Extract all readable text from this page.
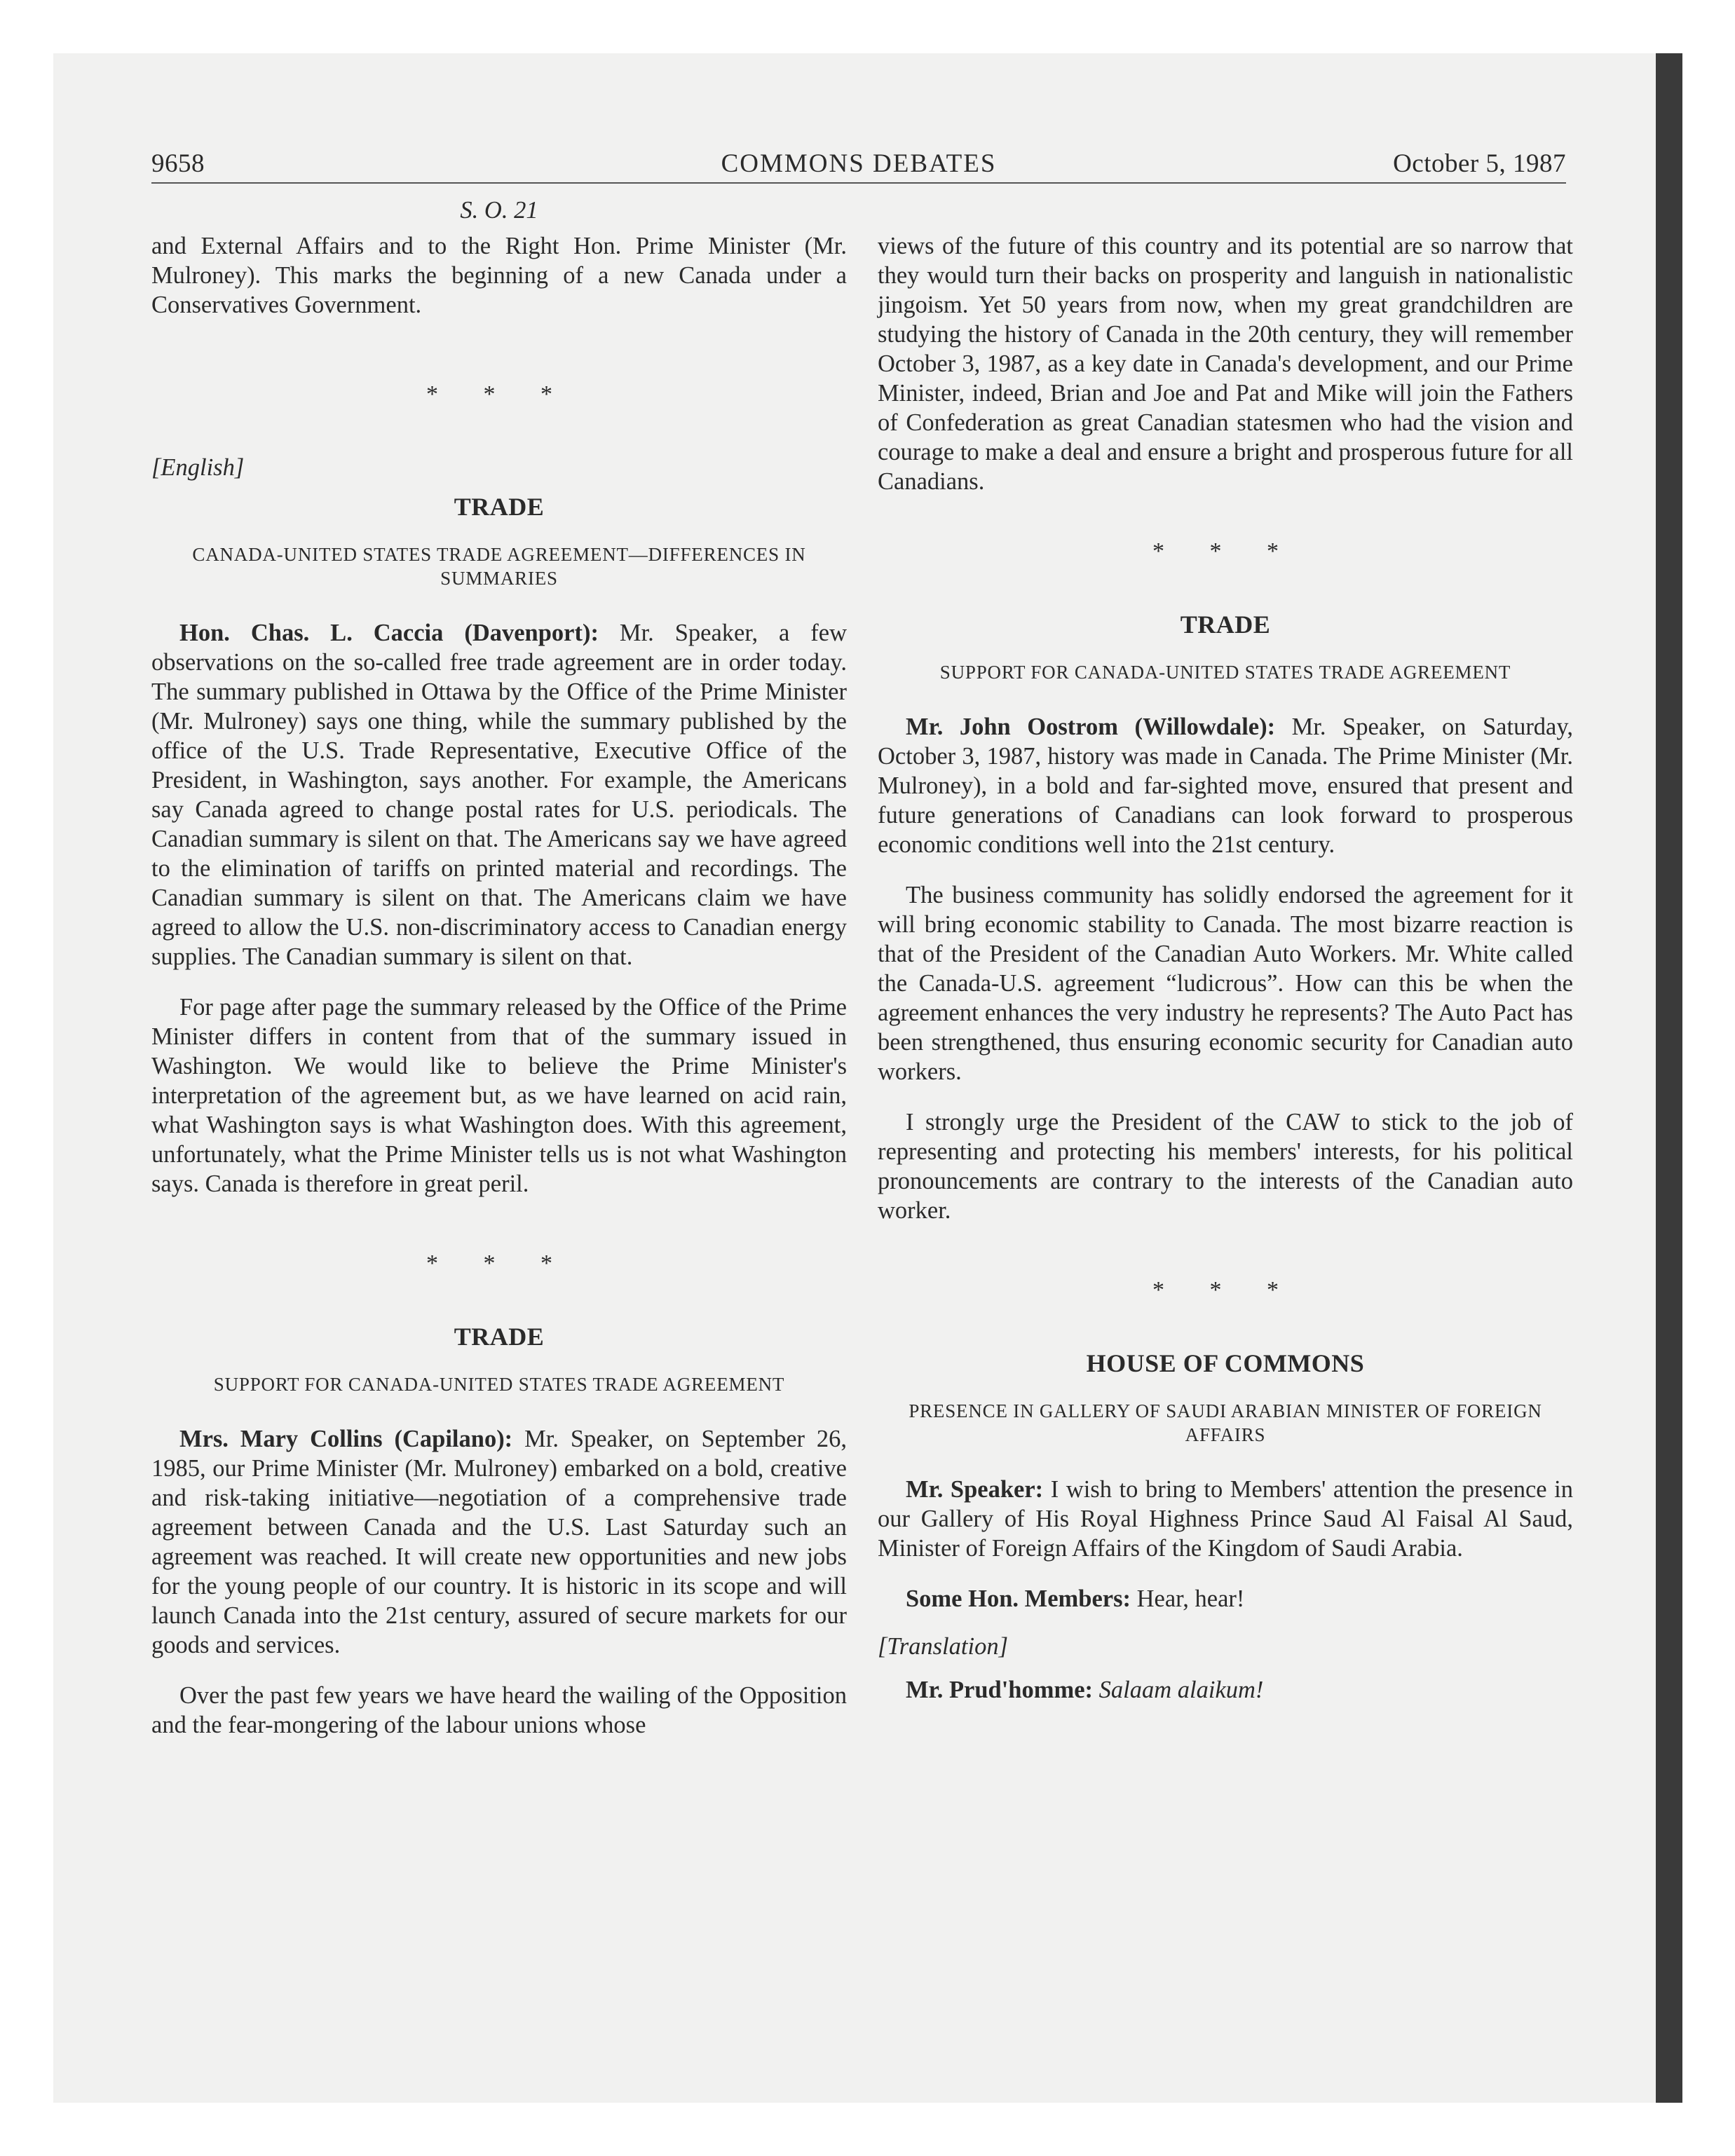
9658	COMMONS DEBATES	October 5, 1987
S. O. 21

and External Affairs and to the Right Hon. Prime Minister (Mr. Mulroney). This marks the beginning of a new Canada under a Conservatives Government.

* * *
[English]
TRADE
CANADA-UNITED STATES TRADE AGREEMENT—DIFFERENCES IN SUMMARIES

Hon. Chas. L. Caccia (Davenport): Mr. Speaker, a few observations on the so-called free trade agreement are in order today. The summary published in Ottawa by the Office of the Prime Minister (Mr. Mulroney) says one thing, while the summary published by the office of the U.S. Trade Representative, Executive Office of the President, in Washington, says another. For example, the Americans say Canada agreed to change postal rates for U.S. periodicals. The Canadian summary is silent on that. The Americans say we have agreed to the elimination of tariffs on printed material and recordings. The Canadian summary is silent on that. The Americans claim we have agreed to allow the U.S. non-discriminatory access to Canadian energy supplies. The Canadian summary is silent on that.

For page after page the summary released by the Office of the Prime Minister differs in content from that of the summary issued in Washington. We would like to believe the Prime Minister's interpretation of the agreement but, as we have learned on acid rain, what Washington says is what Washington does. With this agreement, unfortunately, what the Prime Minister tells us is not what Washington says. Canada is therefore in great peril.

* * *
TRADE
SUPPORT FOR CANADA-UNITED STATES TRADE AGREEMENT

Mrs. Mary Collins (Capilano): Mr. Speaker, on September 26, 1985, our Prime Minister (Mr. Mulroney) embarked on a bold, creative and risk-taking initiative—negotiation of a comprehensive trade agreement between Canada and the U.S. Last Saturday such an agreement was reached. It will create new opportunities and new jobs for the young people of our country. It is historic in its scope and will launch Canada into the 21st century, assured of secure markets for our goods and services.

Over the past few years we have heard the wailing of the Opposition and the fear-mongering of the labour unions whose

views of the future of this country and its potential are so narrow that they would turn their backs on prosperity and languish in nationalistic jingoism. Yet 50 years from now, when my great grandchildren are studying the history of Canada in the 20th century, they will remember October 3, 1987, as a key date in Canada's development, and our Prime Minister, indeed, Brian and Joe and Pat and Mike will join the Fathers of Confederation as great Canadian statesmen who had the vision and courage to make a deal and ensure a bright and prosperous future for all Canadians.

* * *
TRADE
SUPPORT FOR CANADA-UNITED STATES TRADE AGREEMENT

Mr. John Oostrom (Willowdale): Mr. Speaker, on Saturday, October 3, 1987, history was made in Canada. The Prime Minister (Mr. Mulroney), in a bold and far-sighted move, ensured that present and future generations of Canadians can look forward to prosperous economic conditions well into the 21st century.

The business community has solidly endorsed the agreement for it will bring economic stability to Canada. The most bizarre reaction is that of the President of the Canadian Auto Workers. Mr. White called the Canada-U.S. agreement “ludicrous”. How can this be when the agreement enhances the very industry he represents? The Auto Pact has been strengthened, thus ensuring economic security for Canadian auto workers.

I strongly urge the President of the CAW to stick to the job of representing and protecting his members' interests, for his political pronouncements are contrary to the interests of the Canadian auto worker.

* * *
HOUSE OF COMMONS
PRESENCE IN GALLERY OF SAUDI ARABIAN MINISTER OF FOREIGN AFFAIRS

Mr. Speaker: I wish to bring to Members' attention the presence in our Gallery of His Royal Highness Prince Saud Al Faisal Al Saud, Minister of Foreign Affairs of the Kingdom of Saudi Arabia.

Some Hon. Members: Hear, hear!

[Translation]

Mr. Prud'homme: Salaam alaikum!
